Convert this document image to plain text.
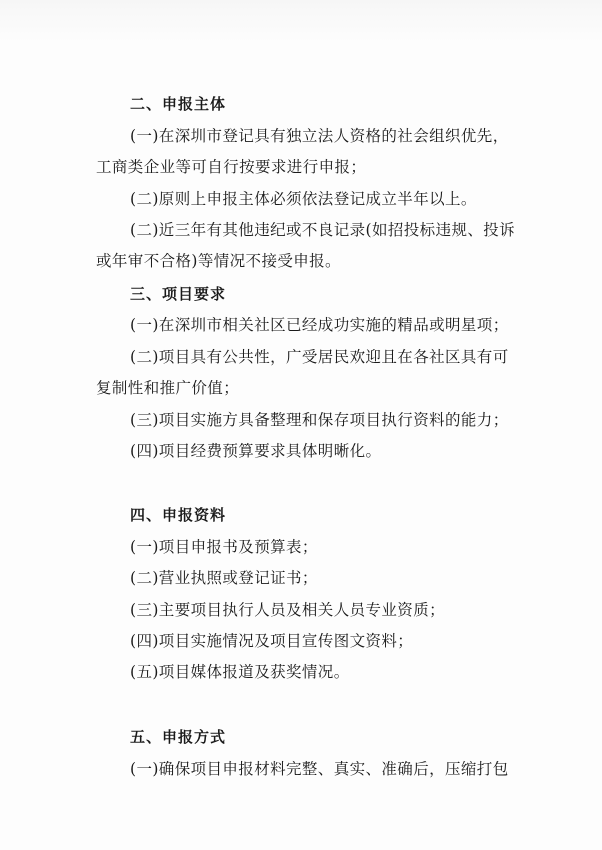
二、申报主体
(一)在深圳市登记具有独立法人资格的社会组织优先，
工商类企业等可自行按要求进行申报；
(二)原则上申报主体必须依法登记成立半年以上。
(二)近三年有其他违纪或不良记录(如招投标违规、投诉
或年审不合格)等情况不接受申报。
三、项目要求
(一)在深圳市相关社区已经成功实施的精品或明星项；
(二)项目具有公共性，广受居民欢迎且在各社区具有可
复制性和推广价值；
(三)项目实施方具备整理和保存项目执行资料的能力；
(四)项目经费预算要求具体明晰化。
四、申报资料
(一)项目申报书及预算表；
(二)营业执照或登记证书；
(三)主要项目执行人员及相关人员专业资质；
(四)项目实施情况及项目宣传图文资料；
(五)项目媒体报道及获奖情况。
五、申报方式
(一)确保项目申报材料完整、真实、准确后，压缩打包
